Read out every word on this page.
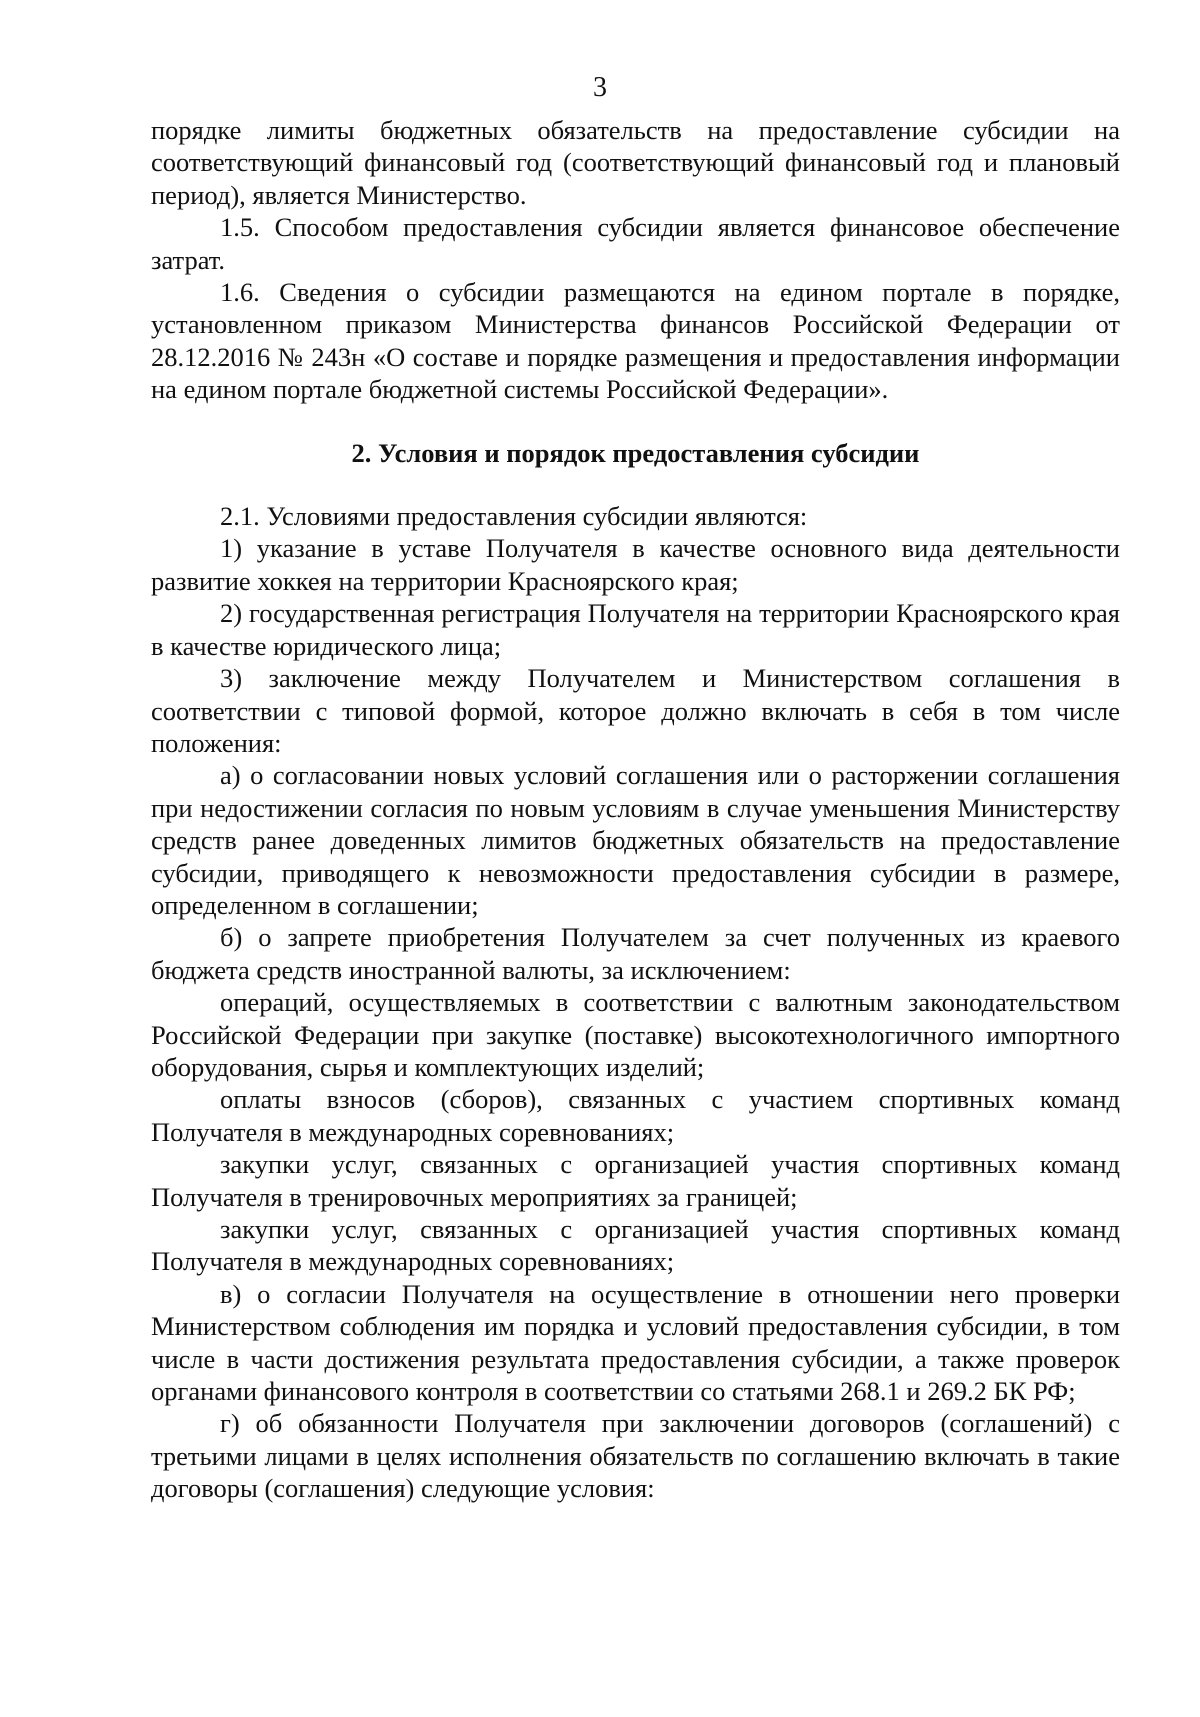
3

порядке лимиты бюджетных обязательств на предоставление субсидии на соответствующий финансовый год (соответствующий финансовый год и плановый период), является Министерство.

1.5. Способом предоставления субсидии является финансовое обеспечение затрат.

1.6. Сведения о субсидии размещаются на едином портале в порядке, установленном приказом Министерства финансов Российской Федерации от 28.12.2016 № 243н «О составе и порядке размещения и предоставления информации на едином портале бюджетной системы Российской Федерации».

2. Условия и порядок предоставления субсидии

2.1. Условиями предоставления субсидии являются:

1) указание в уставе Получателя в качестве основного вида деятельности развитие хоккея на территории Красноярского края;

2) государственная регистрация Получателя на территории Красноярского края в качестве юридического лица;

3) заключение между Получателем и Министерством соглашения в соответствии с типовой формой, которое должно включать в себя в том числе положения:

а) о согласовании новых условий соглашения или о расторжении соглашения при недостижении согласия по новым условиям в случае уменьшения Министерству средств ранее доведенных лимитов бюджетных обязательств на предоставление субсидии, приводящего к невозможности предоставления субсидии в размере, определенном в соглашении;

б) о запрете приобретения Получателем за счет полученных из краевого бюджета средств иностранной валюты, за исключением:

операций, осуществляемых в соответствии с валютным законодательством Российской Федерации при закупке (поставке) высокотехнологичного импортного оборудования, сырья и комплектующих изделий;

оплаты взносов (сборов), связанных с участием спортивных команд Получателя в международных соревнованиях;

закупки услуг, связанных с организацией участия спортивных команд Получателя в тренировочных мероприятиях за границей;

закупки услуг, связанных с организацией участия спортивных команд Получателя в международных соревнованиях;

в) о согласии Получателя на осуществление в отношении него проверки Министерством соблюдения им порядка и условий предоставления субсидии, в том числе в части достижения результата предоставления субсидии, а также проверок органами финансового контроля в соответствии со статьями 268.1 и 269.2 БК РФ;

г) об обязанности Получателя при заключении договоров (соглашений) с третьими лицами в целях исполнения обязательств по соглашению включать в такие договоры (соглашения) следующие условия:
